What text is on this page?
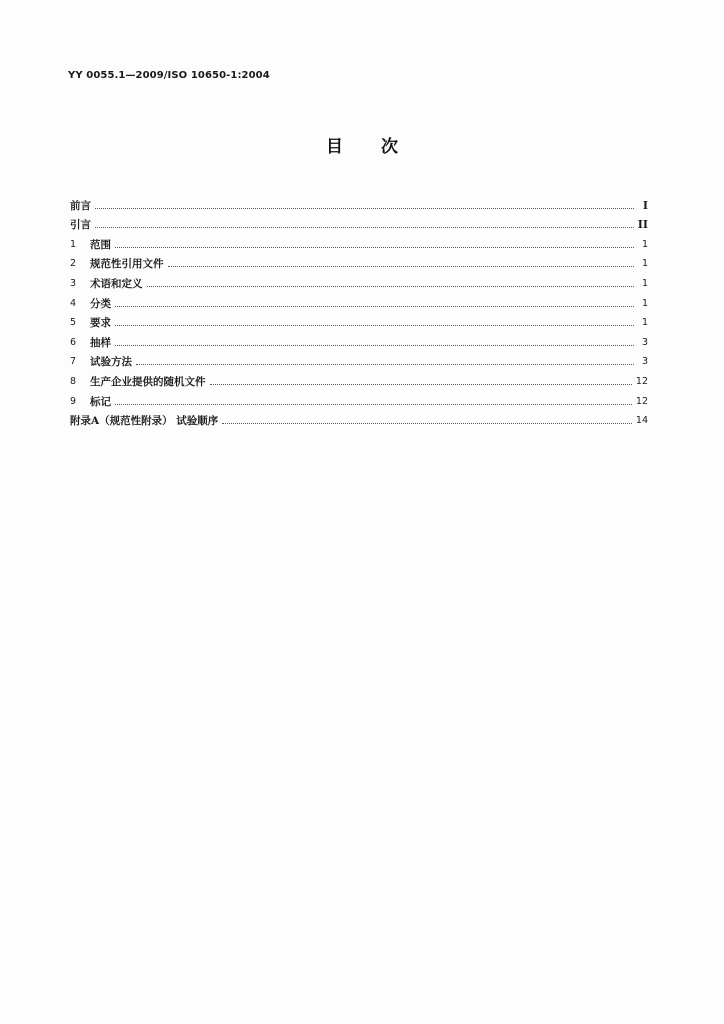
YY 0055.1—2009/ISO 10650-1:2004
目次
前言	I
引言	II
1	范围	1
2	规范性引用文件	1
3	术语和定义	1
4	分类	1
5	要求	1
6	抽样	3
7	试验方法	3
8	生产企业提供的随机文件	12
9	标记	12
附录A（规范性附录） 试验顺序	14
